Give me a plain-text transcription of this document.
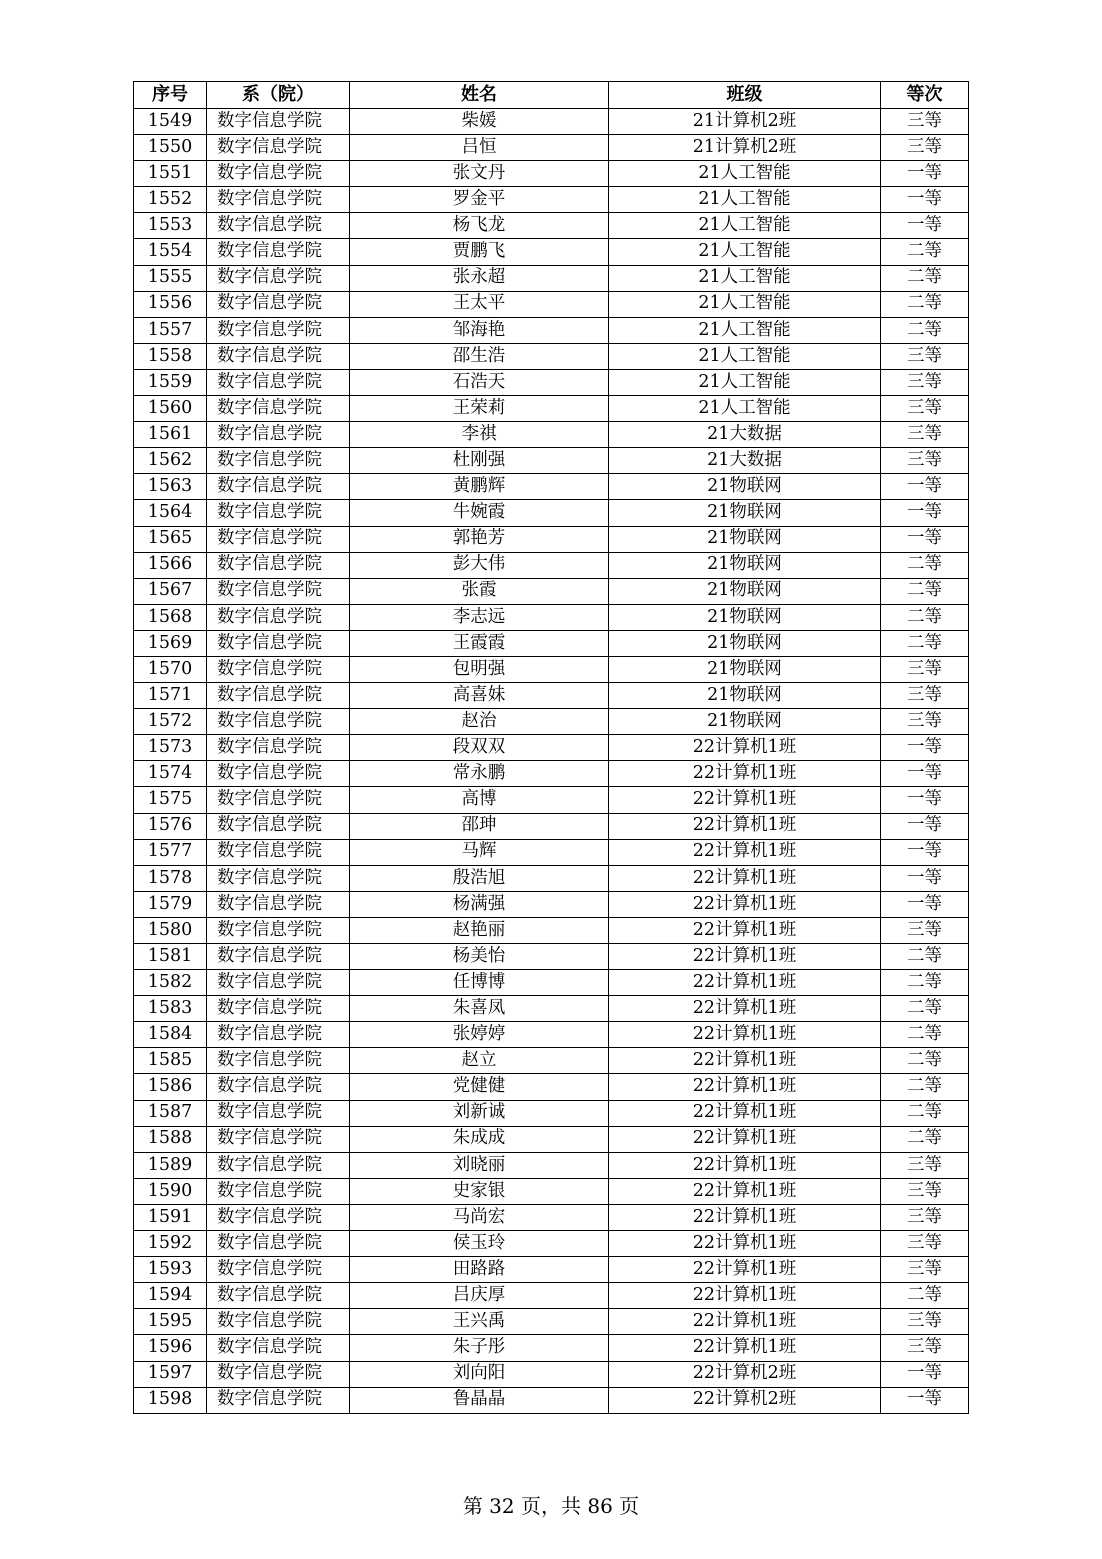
序号	系（院）	姓名	班级	等次
1549	数字信息学院	柴媛	21计算机2班	三等
1550	数字信息学院	吕恒	21计算机2班	三等
1551	数字信息学院	张文丹	21人工智能	一等
1552	数字信息学院	罗金平	21人工智能	一等
1553	数字信息学院	杨飞龙	21人工智能	一等
1554	数字信息学院	贾鹏飞	21人工智能	二等
1555	数字信息学院	张永超	21人工智能	二等
1556	数字信息学院	王太平	21人工智能	二等
1557	数字信息学院	邹海艳	21人工智能	二等
1558	数字信息学院	邵生浩	21人工智能	三等
1559	数字信息学院	石浩天	21人工智能	三等
1560	数字信息学院	王荣莉	21人工智能	三等
1561	数字信息学院	李祺	21大数据	三等
1562	数字信息学院	杜刚强	21大数据	三等
1563	数字信息学院	黄鹏辉	21物联网	一等
1564	数字信息学院	牛婉霞	21物联网	一等
1565	数字信息学院	郭艳芳	21物联网	一等
1566	数字信息学院	彭大伟	21物联网	二等
1567	数字信息学院	张霞	21物联网	二等
1568	数字信息学院	李志远	21物联网	二等
1569	数字信息学院	王霞霞	21物联网	二等
1570	数字信息学院	包明强	21物联网	三等
1571	数字信息学院	高喜妹	21物联网	三等
1572	数字信息学院	赵治	21物联网	三等
1573	数字信息学院	段双双	22计算机1班	一等
1574	数字信息学院	常永鹏	22计算机1班	一等
1575	数字信息学院	高博	22计算机1班	一等
1576	数字信息学院	邵珅	22计算机1班	一等
1577	数字信息学院	马辉	22计算机1班	一等
1578	数字信息学院	殷浩旭	22计算机1班	一等
1579	数字信息学院	杨满强	22计算机1班	一等
1580	数字信息学院	赵艳丽	22计算机1班	三等
1581	数字信息学院	杨美怡	22计算机1班	二等
1582	数字信息学院	任博博	22计算机1班	二等
1583	数字信息学院	朱喜凤	22计算机1班	二等
1584	数字信息学院	张婷婷	22计算机1班	二等
1585	数字信息学院	赵立	22计算机1班	二等
1586	数字信息学院	党健健	22计算机1班	二等
1587	数字信息学院	刘新诚	22计算机1班	二等
1588	数字信息学院	朱成成	22计算机1班	二等
1589	数字信息学院	刘晓丽	22计算机1班	三等
1590	数字信息学院	史家银	22计算机1班	三等
1591	数字信息学院	马尚宏	22计算机1班	三等
1592	数字信息学院	侯玉玲	22计算机1班	三等
1593	数字信息学院	田路路	22计算机1班	三等
1594	数字信息学院	吕庆厚	22计算机1班	二等
1595	数字信息学院	王兴禹	22计算机1班	三等
1596	数字信息学院	朱子彤	22计算机1班	三等
1597	数字信息学院	刘向阳	22计算机2班	一等
1598	数字信息学院	鲁晶晶	22计算机2班	一等
第 32 页，共 86 页
